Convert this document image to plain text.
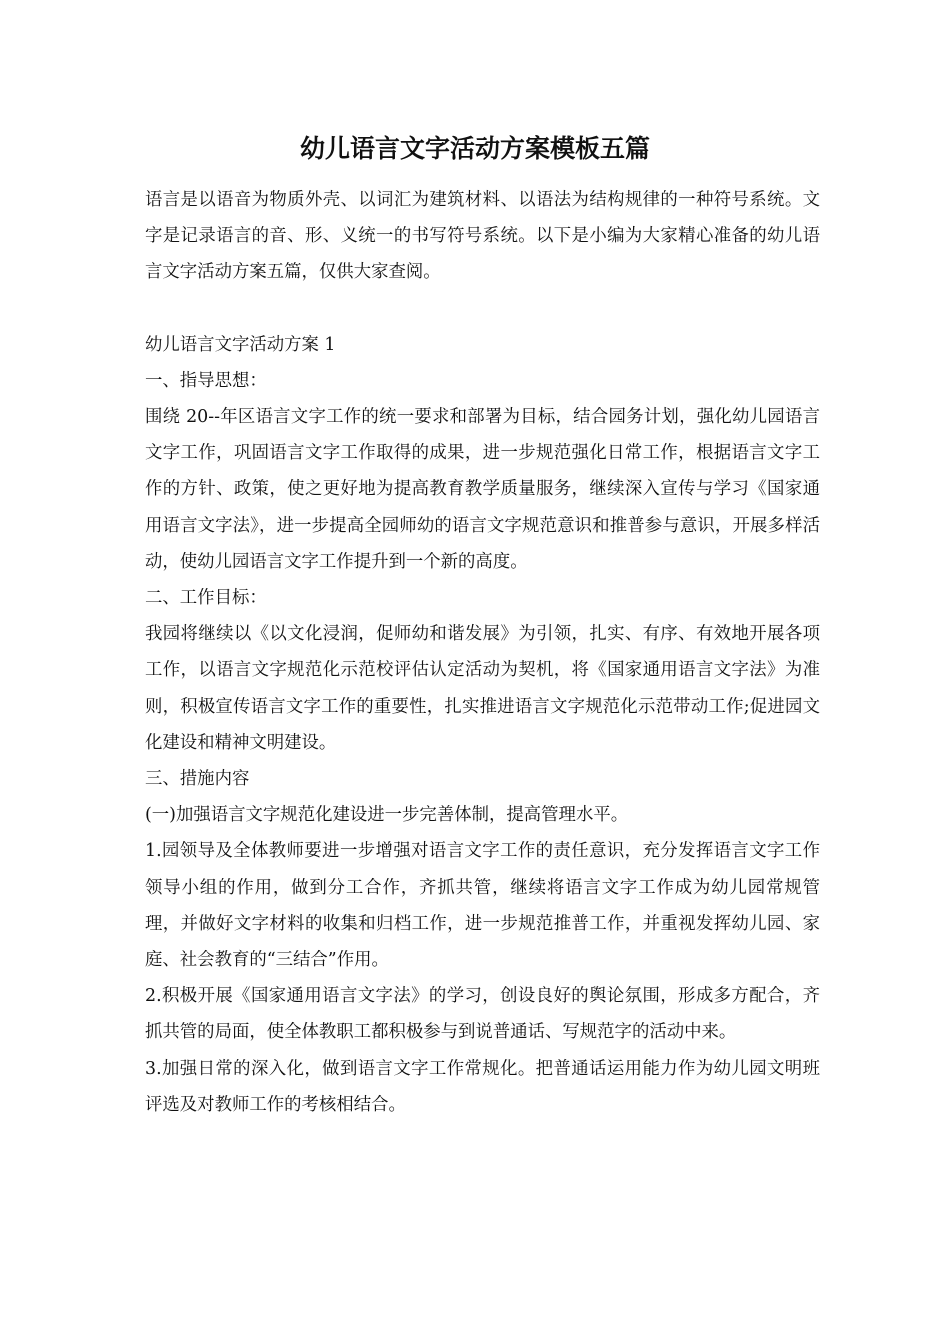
幼儿语言文字活动方案模板五篇

语言是以语音为物质外壳、以词汇为建筑材料、以语法为结构规律的一种符号系统。文字是记录语言的音、形、义统一的书写符号系统。以下是小编为大家精心准备的幼儿语言文字活动方案五篇，仅供大家查阅。

幼儿语言文字活动方案 1

一、指导思想：

围绕 20--年区语言文字工作的统一要求和部署为目标，结合园务计划，强化幼儿园语言文字工作，巩固语言文字工作取得的成果，进一步规范强化日常工作，根据语言文字工作的方针、政策，使之更好地为提高教育教学质量服务，继续深入宣传与学习《国家通用语言文字法》，进一步提高全园师幼的语言文字规范意识和推普参与意识，开展多样活动，使幼儿园语言文字工作提升到一个新的高度。

二、工作目标：

我园将继续以《以文化浸润，促师幼和谐发展》为引领，扎实、有序、有效地开展各项工作，以语言文字规范化示范校评估认定活动为契机，将《国家通用语言文字法》为准则，积极宣传语言文字工作的重要性，扎实推进语言文字规范化示范带动工作;促进园文化建设和精神文明建设。

三、措施内容

(一)加强语言文字规范化建设进一步完善体制，提高管理水平。

1.园领导及全体教师要进一步增强对语言文字工作的责任意识，充分发挥语言文字工作领导小组的作用，做到分工合作，齐抓共管，继续将语言文字工作成为幼儿园常规管理，并做好文字材料的收集和归档工作，进一步规范推普工作，并重视发挥幼儿园、家庭、社会教育的“三结合”作用。

2.积极开展《国家通用语言文字法》的学习，创设良好的舆论氛围，形成多方配合，齐抓共管的局面，使全体教职工都积极参与到说普通话、写规范字的活动中来。

3.加强日常的深入化，做到语言文字工作常规化。把普通话运用能力作为幼儿园文明班评选及对教师工作的考核相结合。
